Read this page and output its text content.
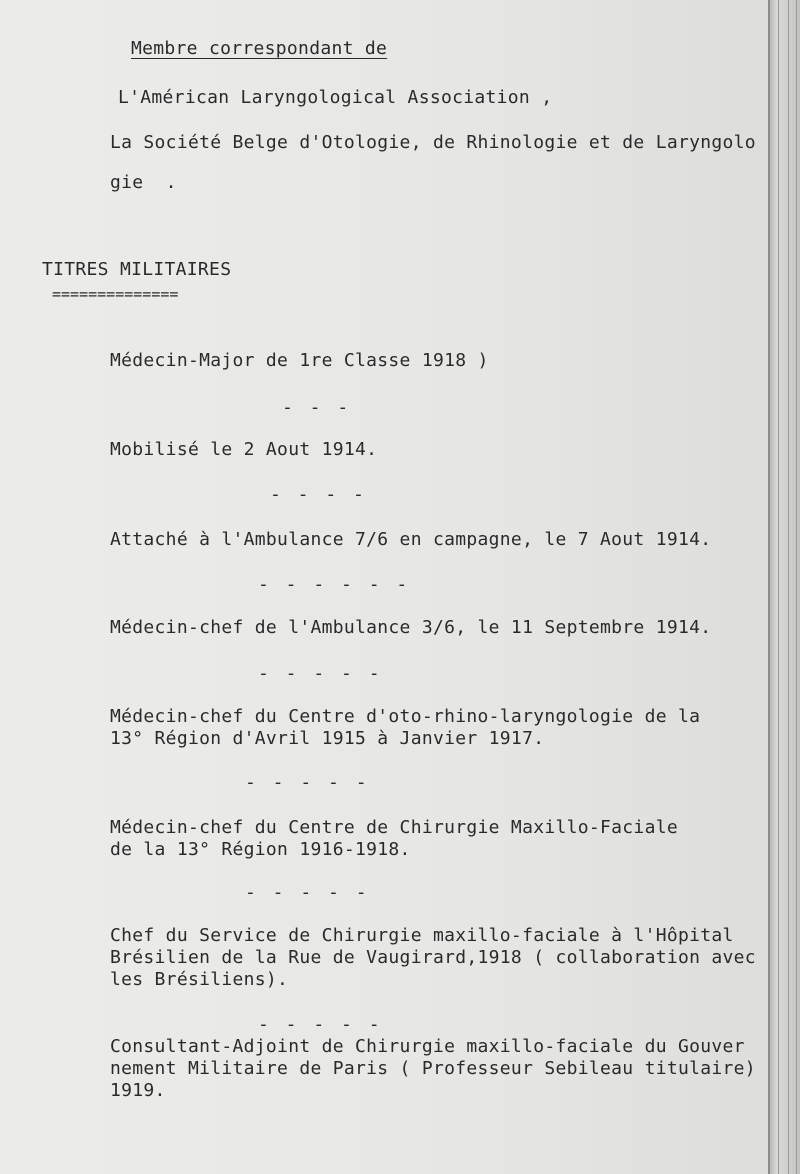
Membre correspondant de
L'Américan Laryngological Association ,
La Société Belge d'Otologie, de Rhinologie et de Laryngolo
gie  .
TITRES MILITAIRES
==============
Médecin-Major de 1re Classe 1918 )
- - -
Mobilisé le 2 Aout 1914.
- - - -
Attaché à l'Ambulance 7/6 en campagne, le 7 Aout 1914.
- - - - - -
Médecin-chef de l'Ambulance 3/6, le 11 Septembre 1914.
- - - - -
Médecin-chef du Centre d'oto-rhino-laryngologie de la
13° Région d'Avril 1915 à Janvier 1917.
- - - - -
Médecin-chef du Centre de Chirurgie Maxillo-Faciale
de la 13° Région 1916-1918.
- - - - -
Chef du Service de Chirurgie maxillo-faciale à l'Hôpital
Brésilien de la Rue de Vaugirard,1918 ( collaboration avec
les Brésiliens).
- - - - -
Consultant-Adjoint de Chirurgie maxillo-faciale du Gouver
nement Militaire de Paris ( Professeur Sebileau titulaire)
1919.
